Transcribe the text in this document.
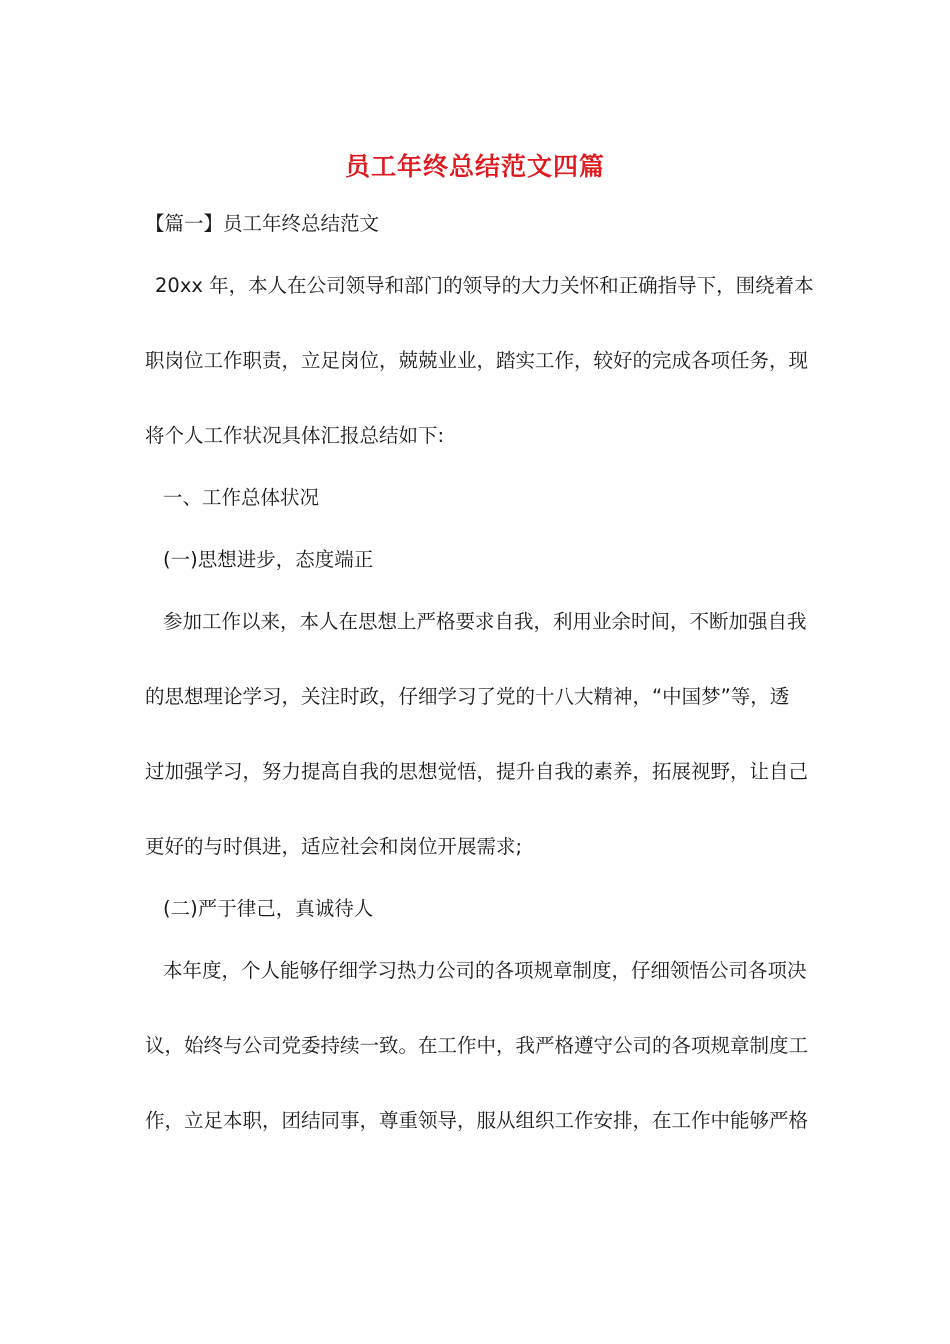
员工年终总结范文四篇
【篇一】员工年终总结范文
20xx 年，本人在公司领导和部门的领导的大力关怀和正确指导下，围绕着本
职岗位工作职责，立足岗位，兢兢业业，踏实工作，较好的完成各项任务，现
将个人工作状况具体汇报总结如下:
一、工作总体状况
(一)思想进步，态度端正
参加工作以来，本人在思想上严格要求自我，利用业余时间，不断加强自我
的思想理论学习，关注时政，仔细学习了党的十八大精神，“中国梦”等，透
过加强学习，努力提高自我的思想觉悟，提升自我的素养，拓展视野，让自己
更好的与时俱进，适应社会和岗位开展需求;
(二)严于律己，真诚待人
本年度，个人能够仔细学习热力公司的各项规章制度，仔细领悟公司各项决
议，始终与公司党委持续一致。在工作中，我严格遵守公司的各项规章制度工
作，立足本职，团结同事，尊重领导，服从组织工作安排，在工作中能够严格
